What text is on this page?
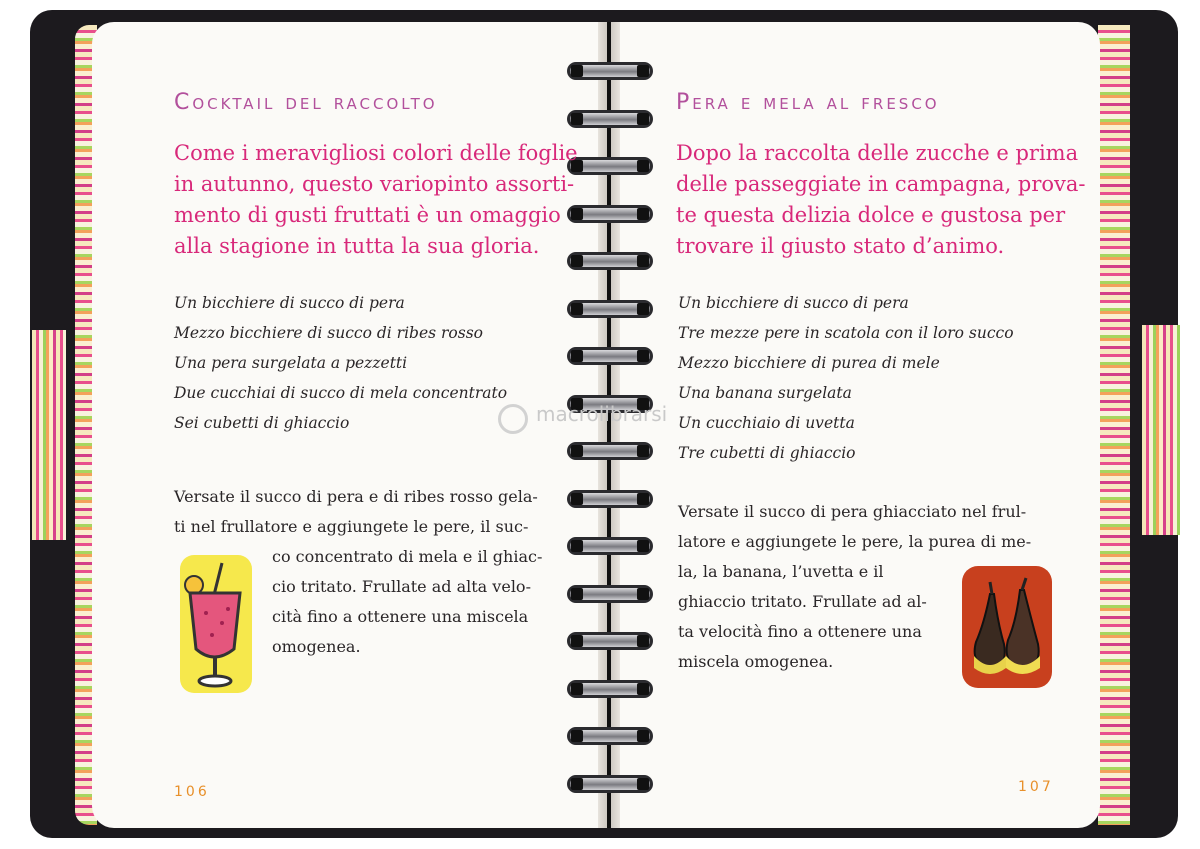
Cocktail del raccolto
Come i meravigliosi colori delle foglie
in autunno, questo variopinto assorti-
mento di gusti fruttati è un omaggio
alla stagione in tutta la sua gloria.
Un bicchiere di succo di pera
Mezzo bicchiere di succo di ribes rosso
Una pera surgelata a pezzetti
Due cucchiai di succo di mela concentrato
Sei cubetti di ghiaccio
Versate il succo di pera e di ribes rosso gela-
ti nel frullatore e aggiungete le pere, il suc-
co concentrato di mela e il ghiac-
cio tritato. Frullate ad alta velo-
cità fino a ottenere una miscela
omogenea.
106
Pera e mela al fresco
Dopo la raccolta delle zucche e prima
delle passeggiate in campagna, prova-
te questa delizia dolce e gustosa per
trovare il giusto stato d’animo.
Un bicchiere di succo di pera
Tre mezze pere in scatola con il loro succo
Mezzo bicchiere di purea di mele
Una banana surgelata
Un cucchiaio di uvetta
Tre cubetti di ghiaccio
Versate il succo di pera ghiacciato nel frul-
latore e aggiungete le pere, la purea di me-
la, la banana, l’uvetta e il
ghiaccio tritato. Frullate ad al-
ta velocità fino a ottenere una
miscela omogenea.
107
macrolibrarsi
